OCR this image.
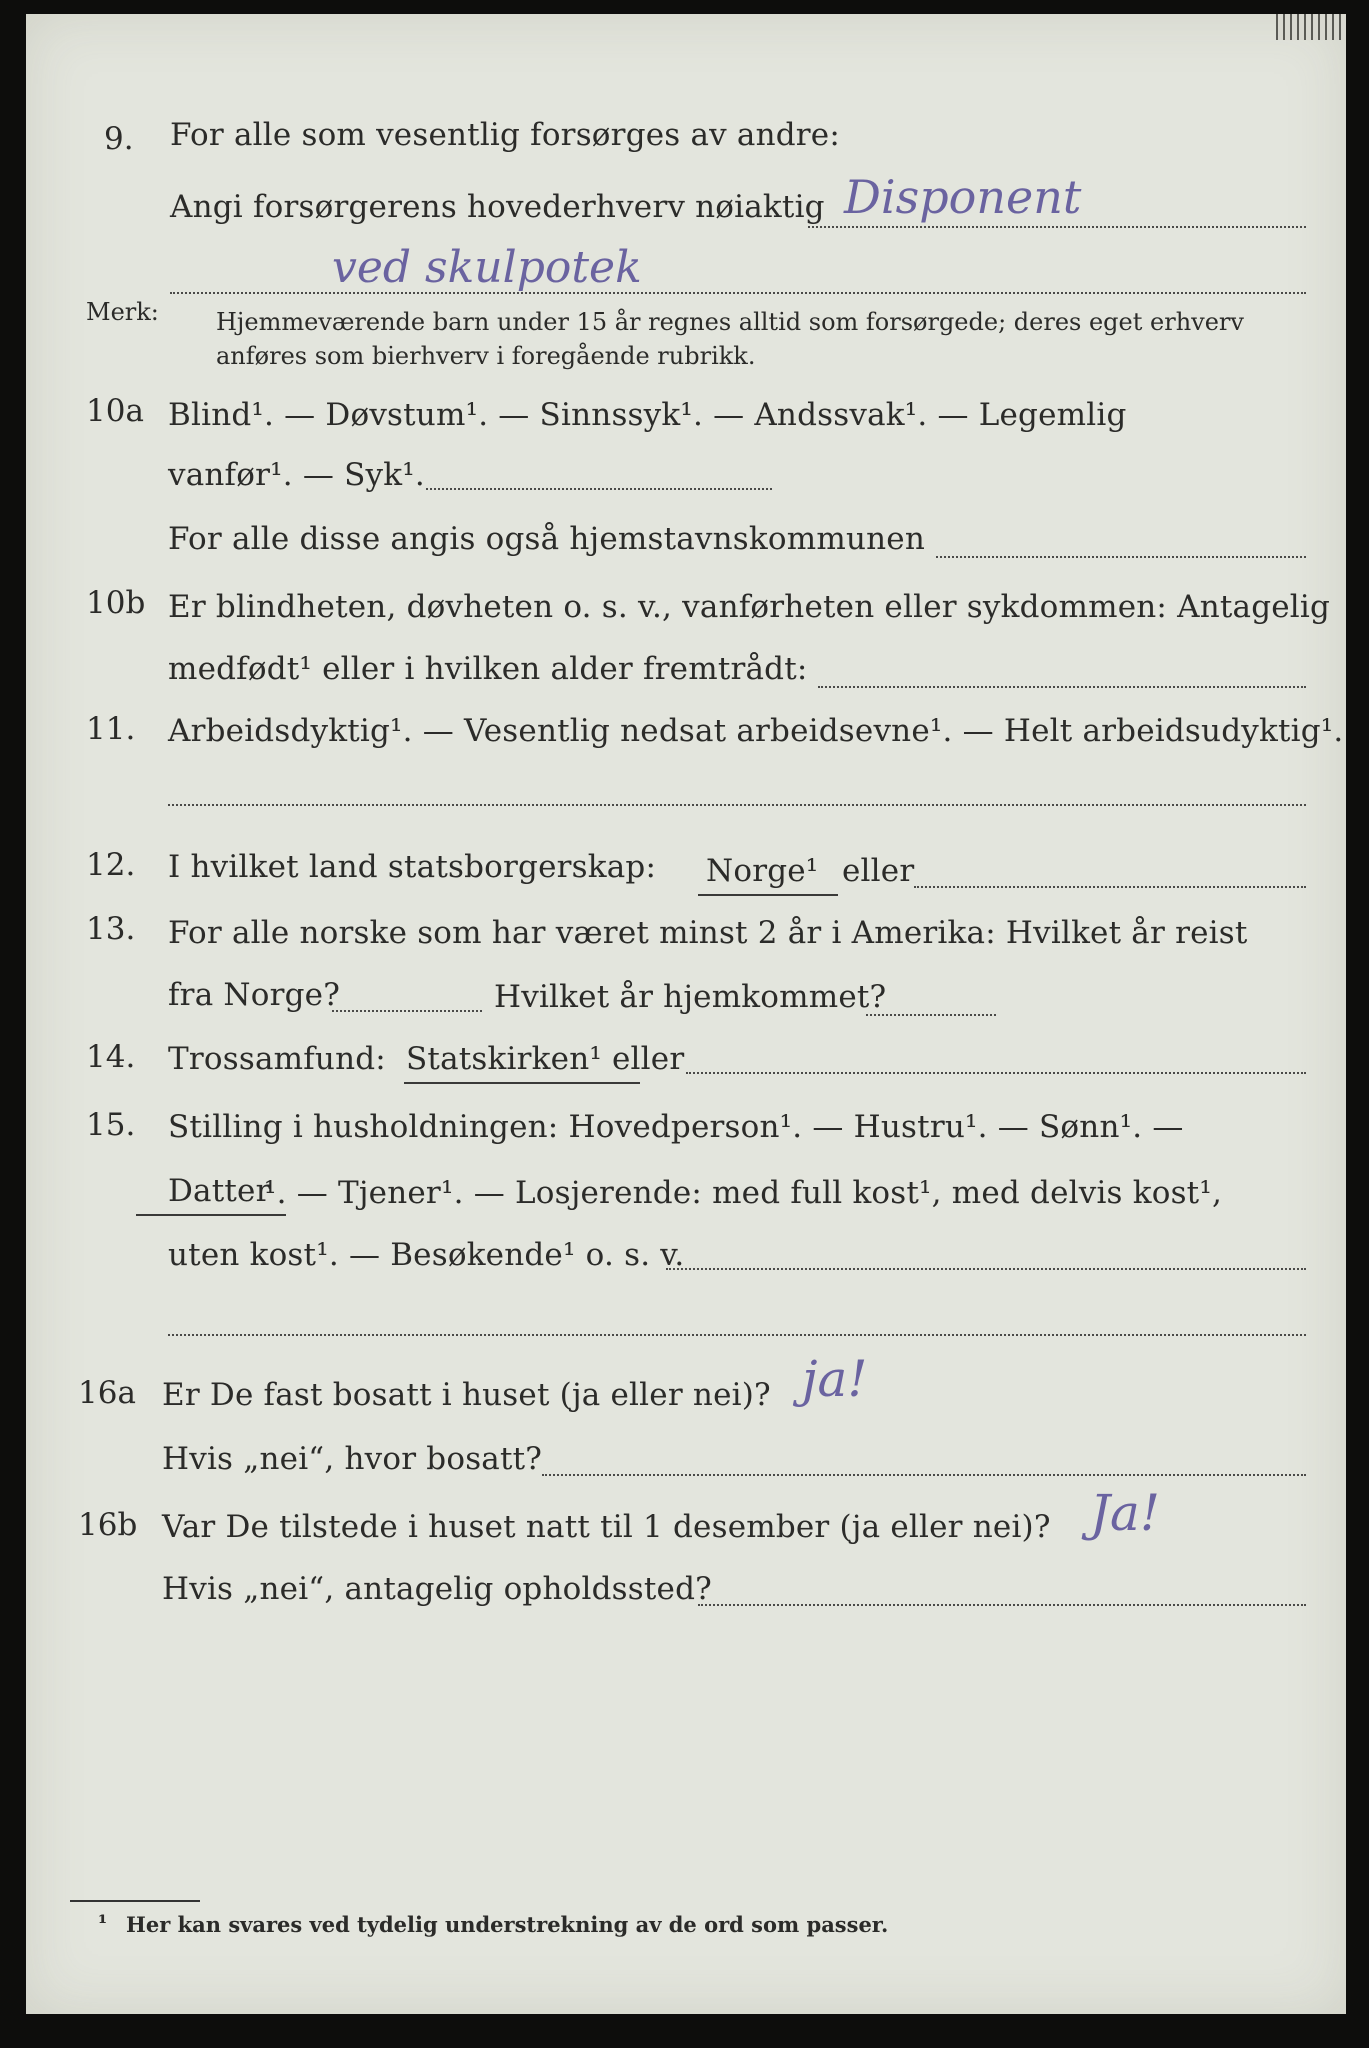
9. For alle som vesentlig forsørges av andre:
Angi forsørgerens hovederhverv nøiaktig Disponent
ved skulpotek
Merk: Hjemmeværende barn under 15 år regnes alltid som forsørgede; deres eget erhverv
anføres som bierhverv i foregående rubrikk.
10a Blind¹. — Døvstum¹. — Sinnssyk¹. — Andssvak¹. — Legemlig
vanfør¹. — Syk¹.
For alle disse angis også hjemstavnskommunen
10b Er blindheten, døvheten o. s. v., vanførheten eller sykdommen: Antagelig
medfødt¹ eller i hvilken alder fremtrådt:
11. Arbeidsdyktig¹. — Vesentlig nedsat arbeidsevne¹. — Helt arbeidsudyktig¹.
12. I hvilket land statsborgerskap: Norge¹ eller
13. For alle norske som har været minst 2 år i Amerika: Hvilket år reist
fra Norge?	Hvilket år hjemkommet?
14. Trossamfund: Statskirken¹ eller
15. Stilling i husholdningen: Hovedperson¹. — Hustru¹. — Sønn¹. —
Datter
¹. — Tjener¹. — Losjerende: med full kost¹, med delvis kost¹,
uten kost¹. — Besøkende¹ o. s. v.
16a Er De fast bosatt i huset (ja eller nei)? ja!
Hvis „nei“, hvor bosatt?
16b Var De tilstede i huset natt til 1 desember (ja eller nei)? Ja!
Hvis „nei“, antagelig opholdssted?
¹ Her kan svares ved tydelig understrekning av de ord som passer.
